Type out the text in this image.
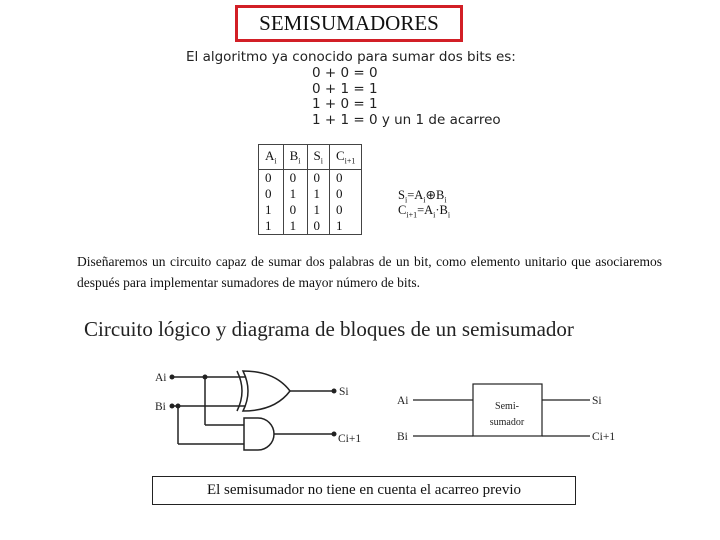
SEMISUMADORES
El algoritmo ya conocido para sumar dos bits es:
0 + 0 = 0
0 + 1 = 1
1 + 0 = 1
1 + 1 = 0 y un 1 de acarreo
$A_i$	$B_i$	$S_i$	$C_{i+1}$
0	0	0	0
0	1	1	0
1	0	1	0
1	1	0	1
$S_i=A_i\oplus B_i$
$C_{i+1}=A_i\cdot B_i$
Diseñaremos un circuito capaz de sumar dos palabras de un bit, como elemento unitario que asociaremos después para implementar sumadores de mayor número de bits.
Circuito lógico y diagrama de bloques de un semisumador
Ai
Bi
Si
Ci+1
Semi-
sumador
Ai
Bi
Si
Ci+1
El semisumador no tiene en cuenta el acarreo previo
